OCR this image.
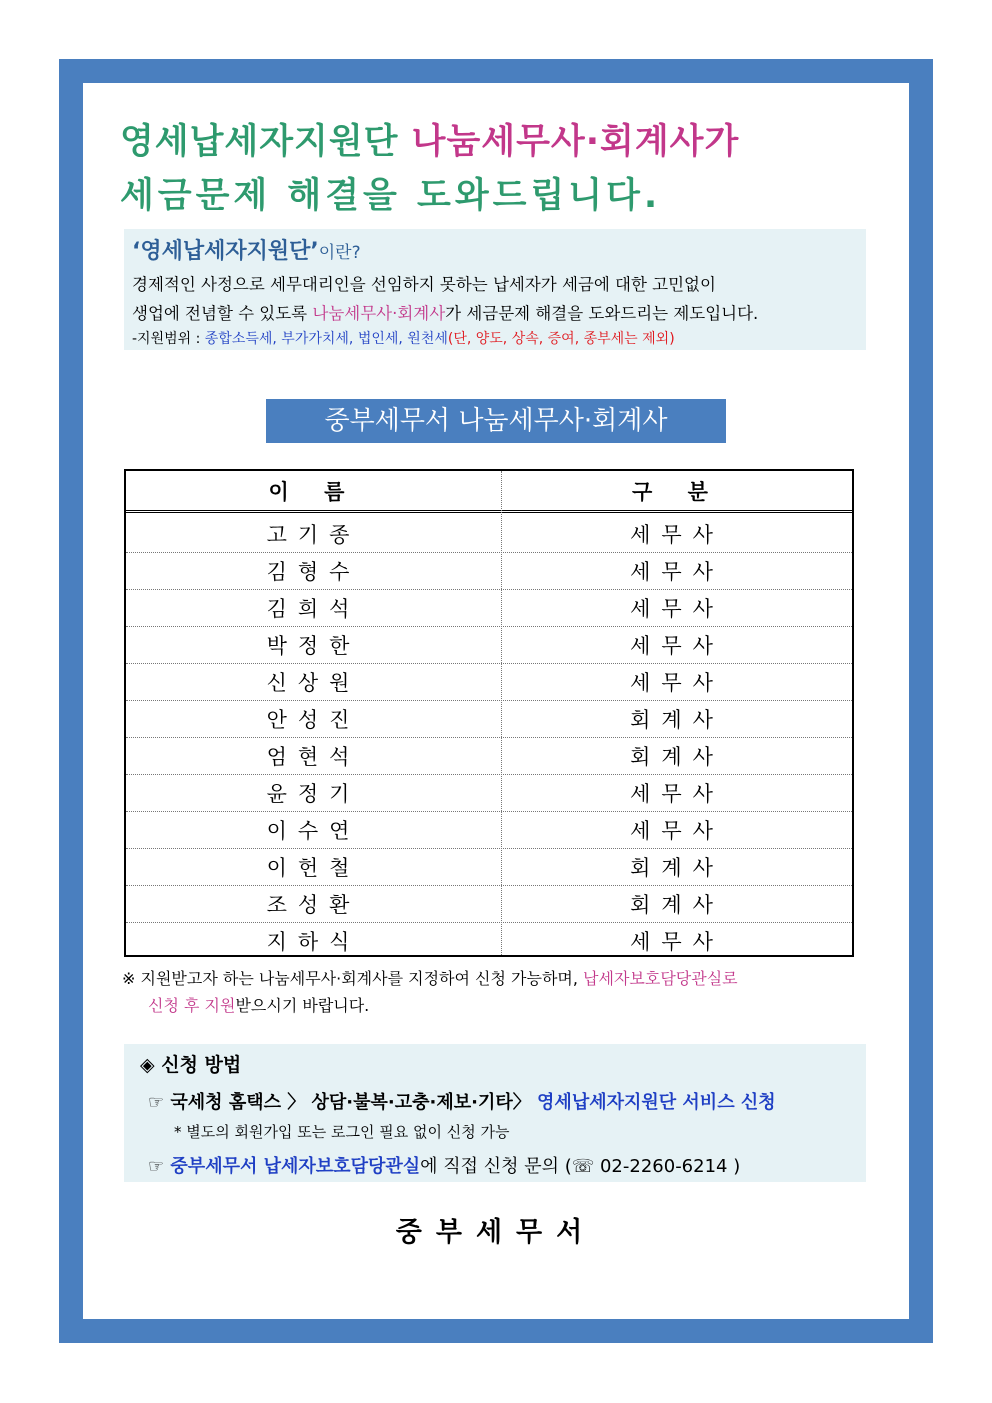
영세납세자지원단 나눔세무사·회계사가
세금문제 해결을 도와드립니다.
‘영세납세자지원단’이란?
경제적인 사정으로 세무대리인을 선임하지 못하는 납세자가 세금에 대한 고민없이
생업에 전념할 수 있도록 나눔세무사·회계사가 세금문제 해결을 도와드리는 제도입니다.
-지원범위 : 종합소득세, 부가가치세, 법인세, 원천세(단, 양도, 상속, 증여, 종부세는 제외)
중부세무서 나눔세무사·회계사
이 름	구 분
고기종	세무사
김형수	세무사
김희석	세무사
박정한	세무사
신상원	세무사
안성진	회계사
엄현석	회계사
윤정기	세무사
이수연	세무사
이헌철	회계사
조성환	회계사
지하식	세무사
※ 지원받고자 하는 나눔세무사·회계사를 지정하여 신청 가능하며, 납세자보호담당관실로
신청 후 지원받으시기 바랍니다.
◈ 신청 방법
☞ 국세청 홈택스 〉 상담·불복·고충·제보·기타〉 영세납세자지원단 서비스 신청
* 별도의 회원가입 또는 로그인 필요 없이 신청 가능
☞ 중부세무서 납세자보호담당관실에 직접 신청 문의 (☏ 02-2260-6214 )
중부세무서
